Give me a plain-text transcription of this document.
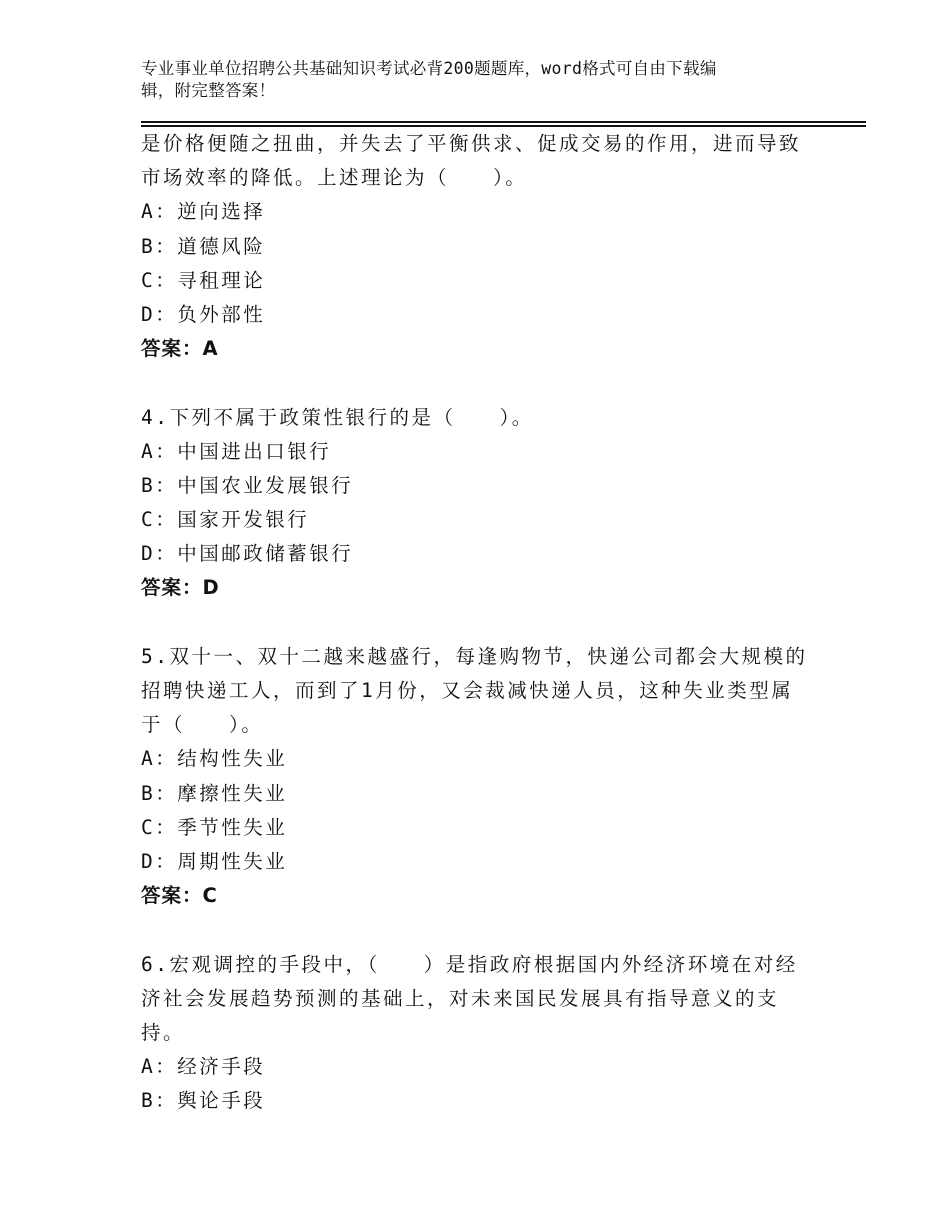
专业事业单位招聘公共基础知识考试必背200题题库，word格式可自由下载编
辑，附完整答案！
是价格便随之扭曲，并失去了平衡供求、促成交易的作用，进而导致
市场效率的降低。上述理论为（　　）。
A：逆向选择
B：道德风险
C：寻租理论
D：负外部性
答案：A
4.下列不属于政策性银行的是（　　）。
A：中国进出口银行
B：中国农业发展银行
C：国家开发银行
D：中国邮政储蓄银行
答案：D
5.双十一、双十二越来越盛行，每逢购物节，快递公司都会大规模的
招聘快递工人，而到了1月份，又会裁减快递人员，这种失业类型属
于（　　）。
A：结构性失业
B：摩擦性失业
C：季节性失业
D：周期性失业
答案：C
6.宏观调控的手段中，（　　）是指政府根据国内外经济环境在对经
济社会发展趋势预测的基础上，对未来国民发展具有指导意义的支
持。
A：经济手段
B：舆论手段
